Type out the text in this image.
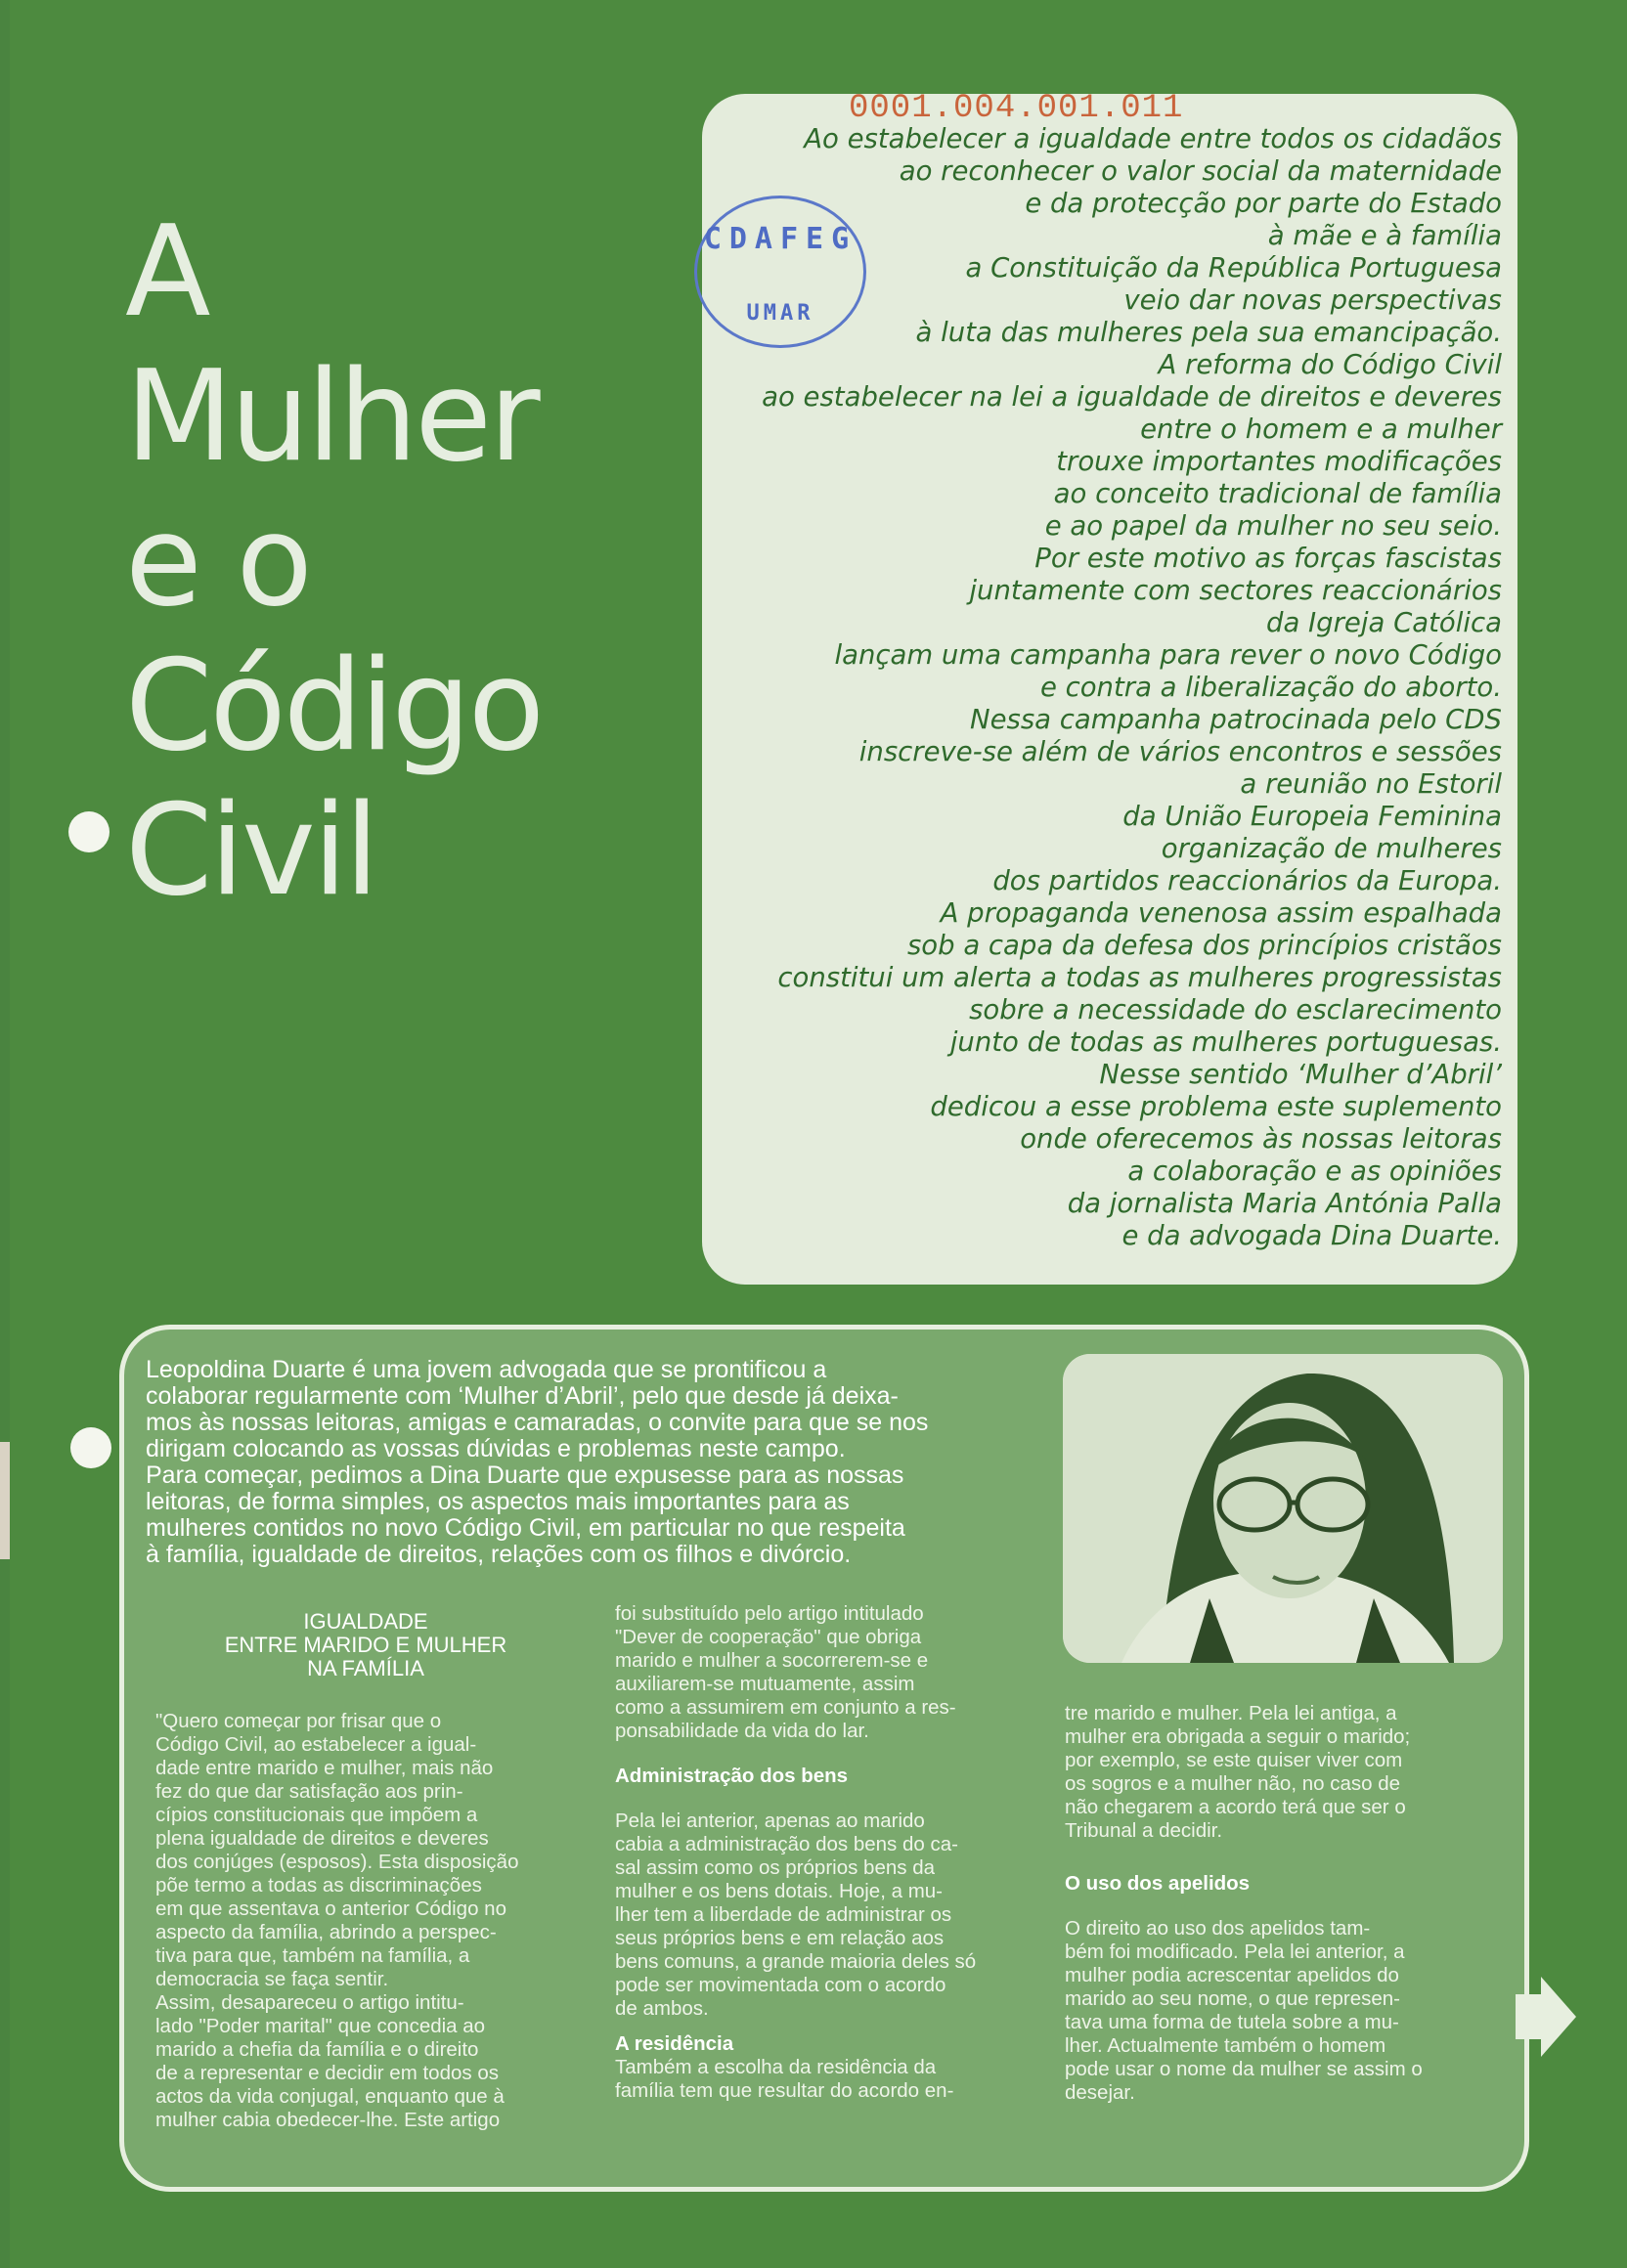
A
Mulher
e o
Código
Civil
Ao estabelecer a igualdade entre todos os cidadãos
ao reconhecer o valor social da maternidade
e da protecção por parte do Estado
à mãe e à família
a Constituição da República Portuguesa
veio dar novas perspectivas
à luta das mulheres pela sua emancipação.
A reforma do Código Civil
ao estabelecer na lei a igualdade de direitos e deveres
entre o homem e a mulher
trouxe importantes modificações
ao conceito tradicional de família
e ao papel da mulher no seu seio.
Por este motivo as forças fascistas
juntamente com sectores reaccionários
da Igreja Católica
lançam uma campanha para rever o novo Código
e contra a liberalização do aborto.
Nessa campanha patrocinada pelo CDS
inscreve-se além de vários encontros e sessões
a reunião no Estoril
da União Europeia Feminina
organização de mulheres
dos partidos reaccionários da Europa.
A propaganda venenosa assim espalhada
sob a capa da defesa dos princípios cristãos
constitui um alerta a todas as mulheres progressistas
sobre a necessidade do esclarecimento
junto de todas as mulheres portuguesas.
Nesse sentido ‘Mulher d’Abril’
dedicou a esse problema este suplemento
onde oferecemos às nossas leitoras
a colaboração e as opiniões
da jornalista Maria Antónia Palla
e da advogada Dina Duarte.
0001.004.001.011
CDAFEG
UMAR
Leopoldina Duarte é uma jovem advogada que se prontificou a
colaborar regularmente com ‘Mulher d’Abril’, pelo que desde já deixa-
mos às nossas leitoras, amigas e camaradas, o convite para que se nos
dirigam colocando as vossas dúvidas e problemas neste campo.
Para começar, pedimos a Dina Duarte que expusesse para as nossas
leitoras, de forma simples, os aspectos mais importantes para as
mulheres contidos no novo Código Civil, em particular no que respeita
à família, igualdade de direitos, relações com os filhos e divórcio.
IGUALDADE
ENTRE MARIDO E MULHER
NA FAMÍLIA
"Quero começar por frisar que o
Código Civil, ao estabelecer a igual-
dade entre marido e mulher, mais não
fez do que dar satisfação aos prin-
cípios constitucionais que impõem a
plena igualdade de direitos e deveres
dos conjúges (esposos). Esta disposição
põe termo a todas as discriminações
em que assentava o anterior Código no
aspecto da família, abrindo a perspec-
tiva para que, também na família, a
democracia se faça sentir.
Assim, desapareceu o artigo intitu-
lado "Poder marital" que concedia ao
marido a chefia da família e o direito
de a representar e decidir em todos os
actos da vida conjugal, enquanto que à
mulher cabia obedecer-lhe. Este artigo
foi substituído pelo artigo intitulado
"Dever de cooperação" que obriga
marido e mulher a socorrerem-se e
auxiliarem-se mutuamente, assim
como a assumirem em conjunto a res-
ponsabilidade da vida do lar.
Administração dos bens
Pela lei anterior, apenas ao marido
cabia a administração dos bens do ca-
sal assim como os próprios bens da
mulher e os bens dotais. Hoje, a mu-
lher tem a liberdade de administrar os
seus próprios bens e em relação aos
bens comuns, a grande maioria deles só
pode ser movimentada com o acordo
de ambos.
A residência
Também a escolha da residência da
família tem que resultar do acordo en-
tre marido e mulher. Pela lei antiga, a
mulher era obrigada a seguir o marido;
por exemplo, se este quiser viver com
os sogros e a mulher não, no caso de
não chegarem a acordo terá que ser o
Tribunal a decidir.
O uso dos apelidos
O direito ao uso dos apelidos tam-
bém foi modificado. Pela lei anterior, a
mulher podia acrescentar apelidos do
marido ao seu nome, o que represen-
tava uma forma de tutela sobre a mu-
lher. Actualmente também o homem
pode usar o nome da mulher se assim o
desejar.
